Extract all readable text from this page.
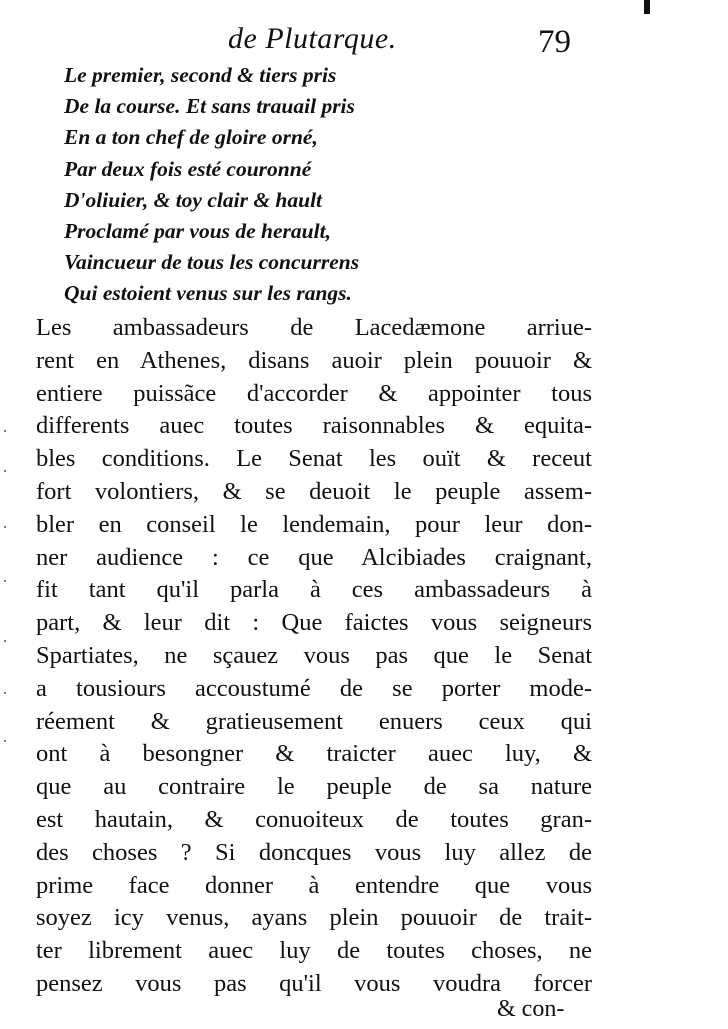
de Plutarque.	79
Le premier, second & tiers pris
De la course. Et sans trauail pris
En a ton chef de gloire orné,
Par deux fois esté couronné
D'oliuier, & toy clair & hault
Proclamé par vous de herault,
Vaincueur de tous les concurrens
Qui estoient venus sur les rangs.
Les ambassadeurs de Lacedæmone arriue-
rent en Athenes, disans auoir plein pouuoir &
entiere puissãce d'accorder & appointer tous
differents auec toutes raisonnables & equita-
bles conditions. Le Senat les ouït & receut
fort volontiers, & se deuoit le peuple assem-
bler en conseil le lendemain, pour leur don-
ner audience : ce que Alcibiades craignant,
fit tant qu'il parla à ces ambassadeurs à
part, & leur dit : Que faictes vous seigneurs
Spartiates, ne sçauez vous pas que le Senat
a tousiours accoustumé de se porter mode-
réement & gratieusement enuers ceux qui
ont à besongner & traicter auec luy, &
que au contraire le peuple de sa nature
est hautain, & conuoiteux de toutes gran-
des choses ? Si doncques vous luy allez de
prime face donner à entendre que vous
soyez icy venus, ayans plein pouuoir de trait-
ter librement auec luy de toutes choses, ne
pensez vous pas qu'il vous voudra forcer
& con-
